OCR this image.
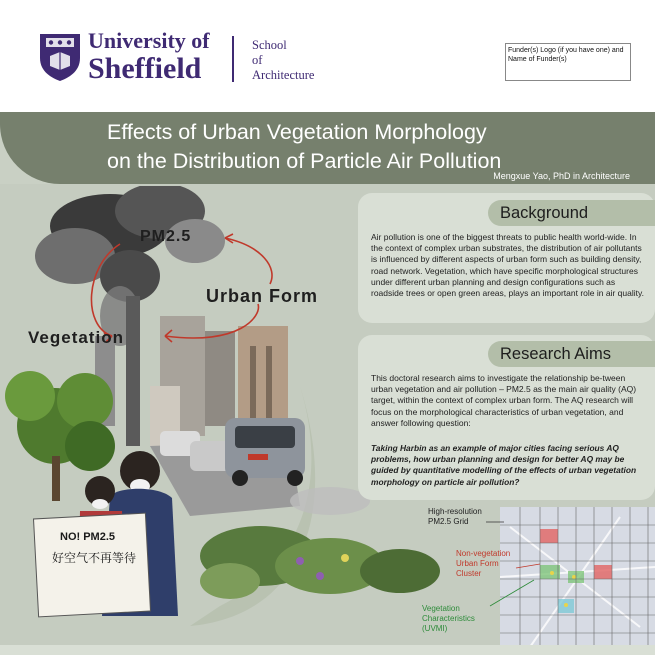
University of
Sheffield
School
of
Architecture
Funder(s) Logo (if you have one) and Name of Funder(s)
Effects of Urban Vegetation Morphology
on the Distribution of Particle Air Pollution
Mengxue Yao, PhD in Architecture
PM2.5
Urban Form
Vegetation
NO! PM2.5
好空气不再等待
Background
Air pollution is one of the biggest threats to public health world-wide. In the context of complex urban substrates, the distribution of air pollutants is influenced by different aspects of urban form such as building density, road network. Vegetation, which have specific morphological structures under different urban planning and design configurations such as roadside trees or open green areas, plays an important role in air quality.
Research Aims
This doctoral research aims to investigate the relationship be-tween urban vegetation and air pollution – PM2.5 as the main air quality (AQ) target, within the context of complex urban form. The AQ research will focus on the morphological characteristics of urban vegetation, and answer following question:
Taking Harbin as an example of major cities facing serious AQ problems, how urban planning and design for better AQ may be guided by quantitative modelling of the effects of urban vegetation morphology on particle air pollution?
High-resolution PM2.5 Grid
Non-vegetation Urban Form Cluster
Vegetation Characteristics (UVMI)
